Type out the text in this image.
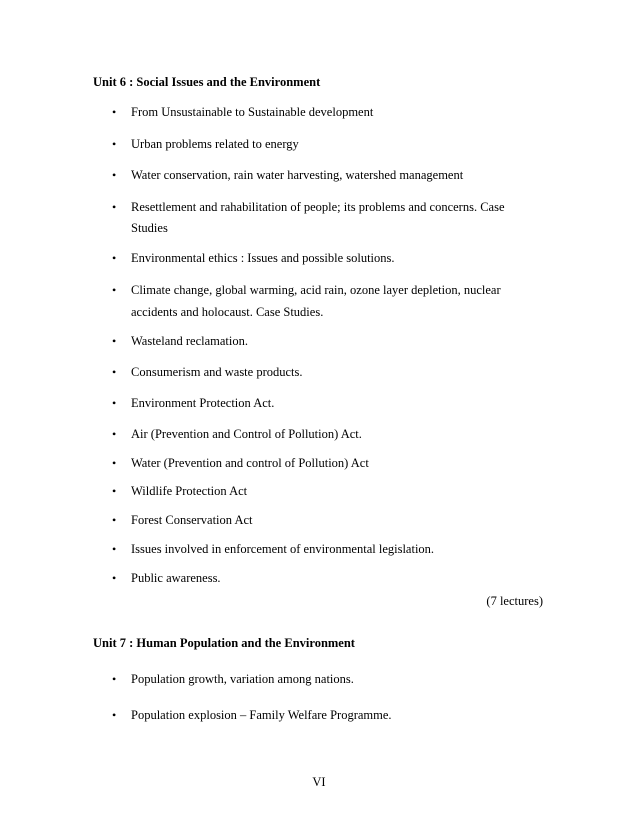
Unit 6 : Social Issues and the Environment
• From Unsustainable to Sustainable development
• Urban problems related to energy
• Water conservation, rain water harvesting, watershed management
• Resettlement and rahabilitation of people; its problems and concerns. Case
Studies
• Environmental ethics : Issues and possible solutions.
• Climate change, global warming, acid rain, ozone layer depletion, nuclear
accidents and holocaust. Case Studies.
• Wasteland reclamation.
• Consumerism and waste products.
• Environment Protection Act.
• Air (Prevention and Control of Pollution) Act.
• Water (Prevention and control of Pollution) Act
• Wildlife Protection Act
• Forest Conservation Act
• Issues involved in enforcement of environmental legislation.
• Public awareness.
(7 lectures)
Unit 7 : Human Population and the Environment
• Population growth, variation among nations.
• Population explosion – Family Welfare Programme.
VI
